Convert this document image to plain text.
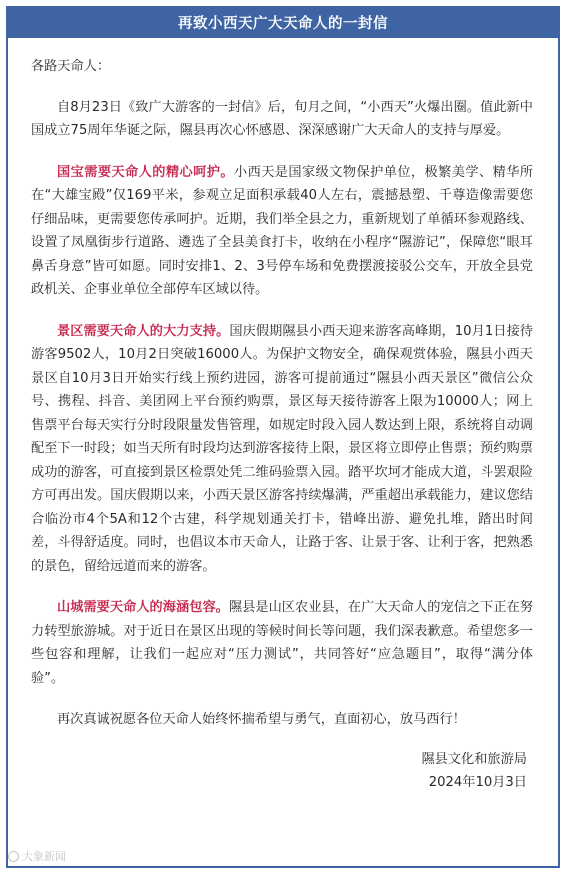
再致小西天广大天命人的一封信

各路天命人：

自8月23日《致广大游客的一封信》后，旬月之间，“小西天”火爆出圈。值此新中国成立75周年华诞之际，隰县再次心怀感恩、深深感谢广大天命人的支持与厚爱。

国宝需要天命人的精心呵护。小西天是国家级文物保护单位，极繁美学、精华所在“大雄宝殿”仅169平米，参观立足面积承载40人左右，震撼悬塑、千尊造像需要您仔细品味，更需要您传承呵护。近期，我们举全县之力，重新规划了单循环参观路线、设置了凤凰街步行道路、遴选了全县美食打卡，收纳在小程序“隰游记”，保障您“眼耳鼻舌身意”皆可如愿。同时安排1、2、3号停车场和免费摆渡接驳公交车，开放全县党政机关、企事业单位全部停车区域以待。

景区需要天命人的大力支持。国庆假期隰县小西天迎来游客高峰期，10月1日接待游客9502人，10月2日突破16000人。为保护文物安全，确保观赏体验，隰县小西天景区自10月3日开始实行线上预约进园，游客可提前通过“隰县小西天景区”微信公众号、携程、抖音、美团网上平台预约购票，景区每天接待游客上限为10000人；网上售票平台每天实行分时段限量发售管理，如规定时段入园人数达到上限，系统将自动调配至下一时段；如当天所有时段均达到游客接待上限，景区将立即停止售票；预约购票成功的游客，可直接到景区检票处凭二维码验票入园。踏平坎坷才能成大道，斗罢艰险方可再出发。国庆假期以来，小西天景区游客持续爆满，严重超出承载能力，建议您结合临汾市4个5A和12个古建，科学规划通关打卡，错峰出游、避免扎堆，踏出时间差，斗得舒适度。同时，也倡议本市天命人，让路于客、让景于客、让利于客，把熟悉的景色，留给远道而来的游客。

山城需要天命人的海涵包容。隰县是山区农业县，在广大天命人的宠信之下正在努力转型旅游城。对于近日在景区出现的等候时间长等问题，我们深表歉意。希望您多一些包容和理解，让我们一起应对“压力测试”，共同答好“应急题目”，取得“满分体验”。

再次真诚祝愿各位天命人始终怀揣希望与勇气，直面初心，放马西行！

隰县文化和旅游局

2024年10月3日

大象新闻
